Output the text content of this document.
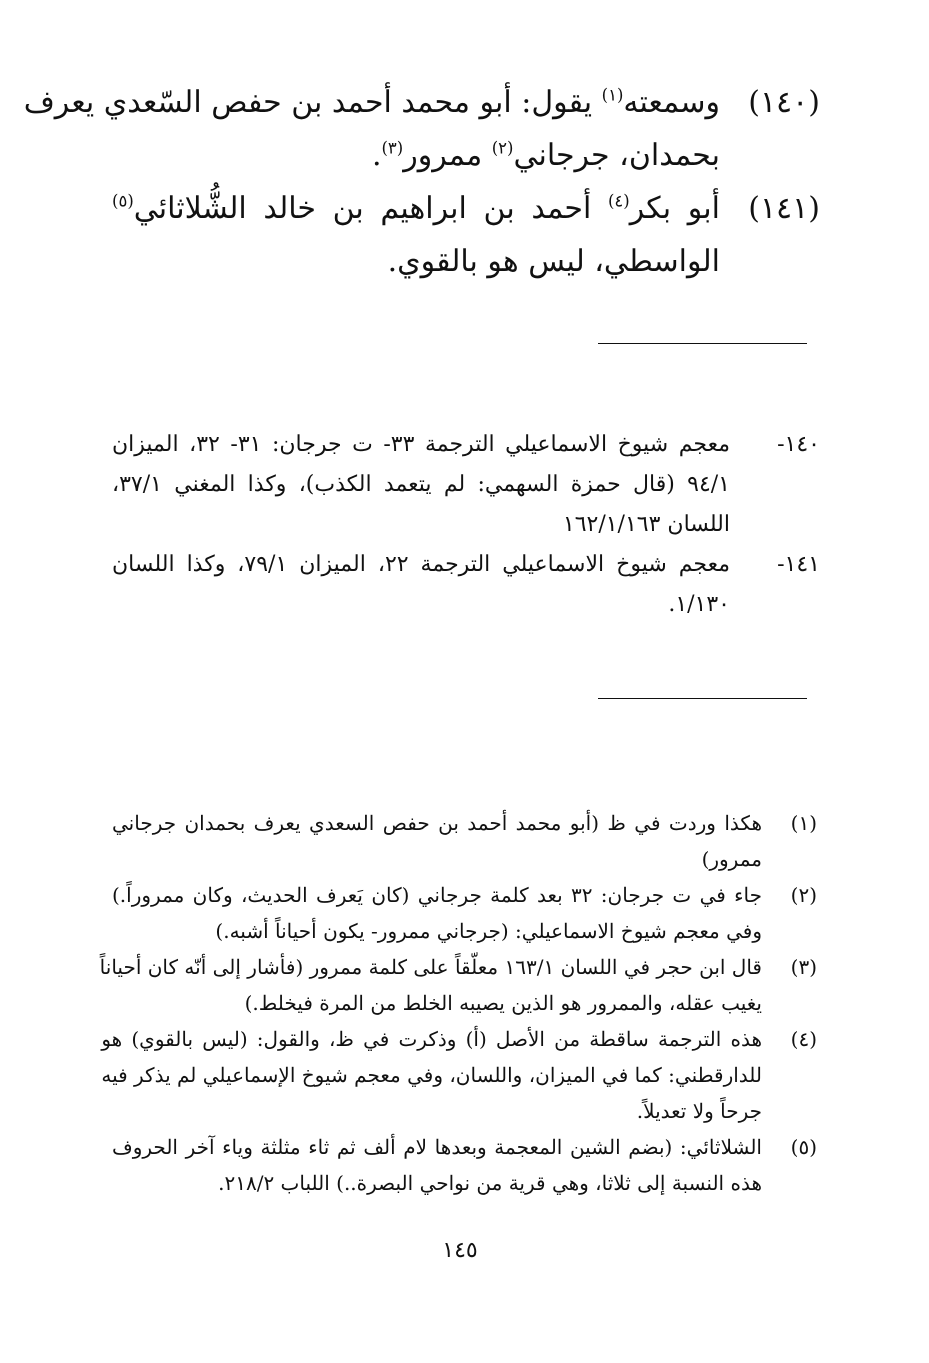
(١٤٠)
وسمعته$^{(١)}$ يقول: أبو محمد أحمد بن حفص السّعدي يعرف
بحمدان، جرجاني$^{(٢)}$ ممرور$^{(٣)}$.
(١٤١)
أبو بكر$^{(٤)}$ أحمد بن ابراهيم بن خالد الشُّلاثائي$^{(٥)}$
الواسطي، ليس هو بالقوي.
١٤٠-
معجم شيوخ الاسماعيلي الترجمة ٣٣- ت جرجان: ٣١- ٣٢، الميزان
٩٤/١ (قال حمزة السهمي: لم يتعمد الكذب)، وكذا المغني ٣٧/١،
اللسان ١٦٢/١/١٦٣
١٤١-
معجم شيوخ الاسماعيلي الترجمة ٢٢، الميزان ٧٩/١، وكذا اللسان
١/١٣٠.
(١)
هكذا وردت في ظ (أبو محمد أحمد بن حفص السعدي يعرف بحمدان جرجاني
ممرور)
(٢)
جاء في ت جرجان: ٣٢ بعد كلمة جرجاني (كان يَعرف الحديث، وكان ممروراً.)
وفي معجم شيوخ الاسماعيلي: (جرجاني ممرور- يكون أحياناً أشبه.)
(٣)
قال ابن حجر في اللسان ١٦٣/١ معلّقاً على كلمة ممرور (فأشار إلى أنّه كان أحياناً
يغيب عقله، والممرور هو الذين يصيبه الخلط من المرة فيخلط.)
(٤)
هذه الترجمة ساقطة من الأصل (أ) وذكرت في ظ، والقول: (ليس بالقوي) هو
للدارقطني: كما في الميزان، واللسان، وفي معجم شيوخ الإسماعيلي لم يذكر فيه
جرحاً ولا تعديلاً.
(٥)
الشلاثائي: (بضم الشين المعجمة وبعدها لام ألف ثم ثاء مثلثة وياء آخر الحروف
هذه النسبة إلى ثلاثا، وهي قرية من نواحي البصرة..) اللباب ٢١٨/٢.
١٤٥
